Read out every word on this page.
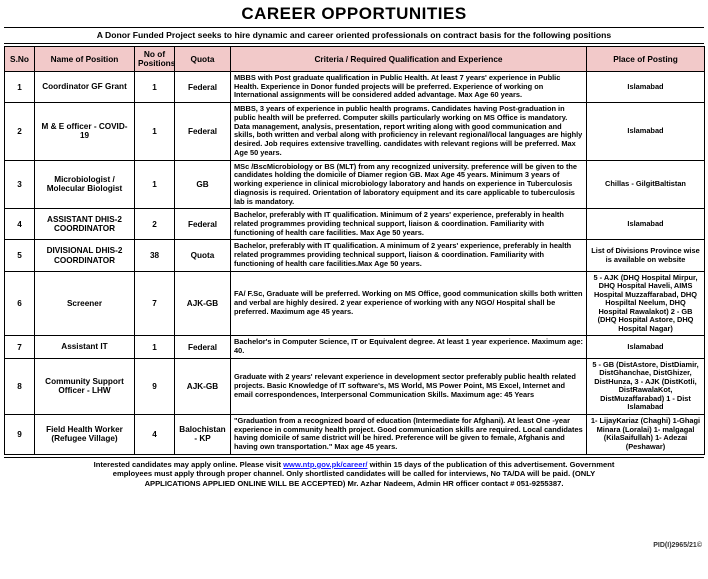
CAREER OPPORTUNITIES
A Donor Funded Project seeks to hire dynamic and career oriented professionals on contract basis for the following positions
S.No	Name of Position	No of Positions	Quota	Criteria / Required Qualification and Experience	Place of Posting
1	Coordinator GF Grant	1	Federal	MBBS with Post graduate qualification in Public Health. At least 7 years' experience in Public Health. Experience in Donor funded projects will be preferred. Experience of working on International assignments will be considered added advantage. Max Age 60 years.	Islamabad
2	M & E officer - COVID-19	1	Federal	MBBS, 3 years of experience in public health programs. Candidates having Post-graduation in public health will be preferred. Computer skills particularly working on MS Office is mandatory. Data management, analysis, presentation, report writing along with good communication and skills, both written and verbal along with proficiency in relevant regional/local languages are highly desired. Job requires extensive travelling. candidates with relevant regions will be preferred. Max Age 50 years.	Islamabad
3	Microbiologist / Molecular Biologist	1	GB	MSc /BscMicrobiology or BS (MLT) from any recognized university. preference will be given to the candidates holding the domicile of Diamer region GB. Max Age 45 years. Minimum 3 years of working experience in clinical microbiology laboratory and hands on experience in Tuberculosis diagnosis is required. Orientation of laboratory equipment and its care applicable to tuberculosis lab is mandatory.	Chillas - GilgitBaltistan
4	ASSISTANT DHIS-2 COORDINATOR	2	Federal	Bachelor, preferably with IT qualification. Minimum of 2 years' experience, preferably in health related programmes providing technical support, liaison & coordination. Familiarity with functioning of health care facilities. Max Age 50 years.	Islamabad
5	DIVISIONAL DHIS-2 COORDINATOR	38	Quota	Bachelor, preferably with IT qualification. A minimum of 2 years' experience, preferably in health related programmes providing technical support, liaison & coordination. Familiarity with functioning of health care facilities.Max Age 50 years.	List of Divisions Province wise is available on website
6	Screener	7	AJK-GB	FA/ F.Sc, Graduate will be preferred. Working on MS Office, good communication skills both written and verbal are highly desired. 2 year experience of working with any NGO/ Hospital shall be preferred. Maximum age 45 years.	5 - AJK (DHQ Hospital Mirpur, DHQ Hospital Haveli, AIMS Hospital Muzzaffarabad, DHQ Hospiltal Neelum, DHQ Hospital Rawalakot) 2 - GB (DHQ Hospital Astore, DHQ Hospital Nagar)
7	Assistant IT	1	Federal	Bachelor's in Computer Science, IT or Equivalent degree. At least 1 year experience. Maximum age: 40.	Islamabad
8	Community Support Officer - LHW	9	AJK-GB	Graduate with 2 years' relevant experience in development sector preferably public health related projects. Basic Knowledge of IT software's, MS World, MS Power Point, MS Excel, Internet and email correspondences, Interpersonal Communication Skills. Maximum age: 45 Years	5 - GB (DistAstore, DistDiamir, DistGhanchae, DistGhizer, DistHunza, 3 - AJK (DistKotli, DistRawalaKot, DistMuzaffarabad) 1 - Dist Islamabad
9	Field Health Worker (Refugee Village)	4	Balochistan - KP	"Graduation from a recognized board of education (Intermediate for Afghani). At least One -year experience in community health project. Good communication skills are required. Local candidates having domicile of same district will be hired. Preference will be given to female, Afghanis and having own transportation." Max age 45 years.	1- LijayKariaz (Chaghi) 1-Ghagi Minara (Loralai) 1- malgagal (KilaSaifullah) 1- Adezai (Peshawar)
PID(I)2965/21©
Interested candidates may apply online. Please visit www.ntp.gov.pk/career/ within 15 days of the publication of this advertisement. Government
employees must apply through proper channel. Only shortlisted candidates will be called for interviews, No TA/DA will be paid. (ONLY
APPLICATIONS APPLIED ONLINE WILL BE ACCEPTED) Mr. Azhar Nadeem, Admin HR officer contact # 051-9255387.
